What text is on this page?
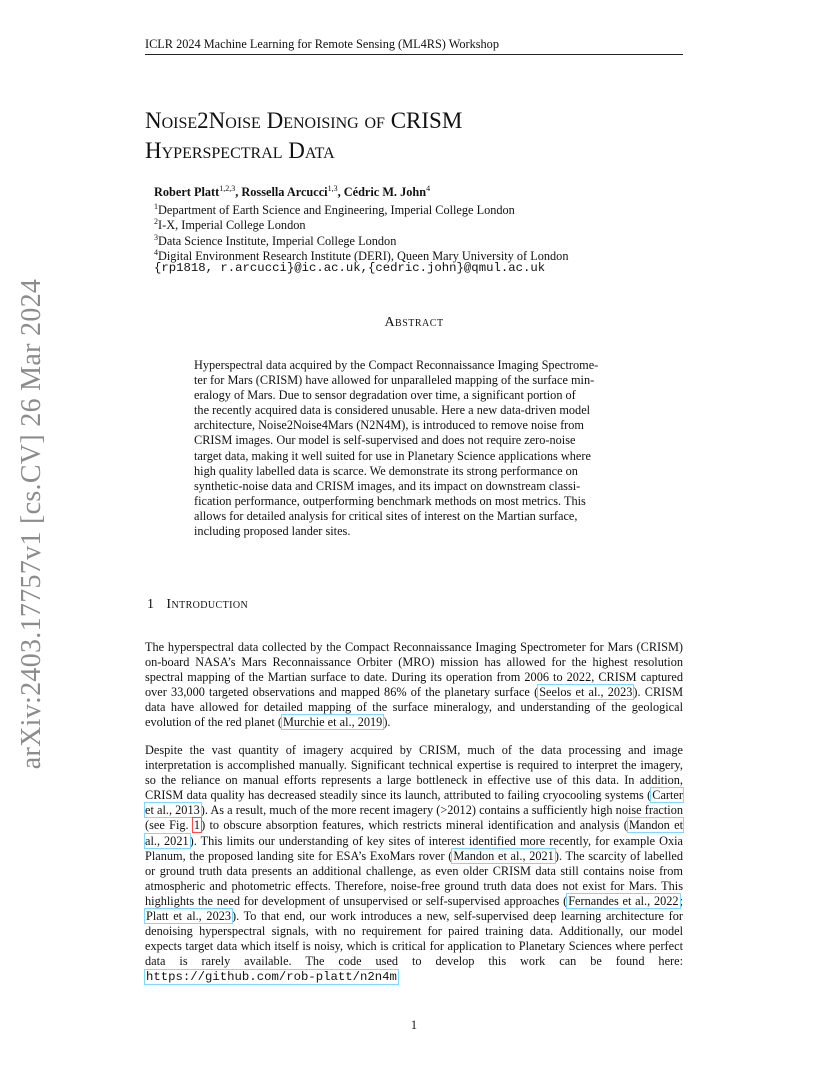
ICLR 2024 Machine Learning for Remote Sensing (ML4RS) Workshop
arXiv:2403.17757v1 [cs.CV] 26 Mar 2024
Noise2Noise Denoising of CRISM
Hyperspectral Data
Robert Platt$^{1,2,3}$, Rossella Arcucci$^{1,3}$, Cédric M. John$^4$
$^1$Department of Earth Science and Engineering, Imperial College London
$^2$I-X, Imperial College London
$^3$Data Science Institute, Imperial College London
$^4$Digital Environment Research Institute (DERI), Queen Mary University of London
{rp1818, r.arcucci}@ic.ac.uk,{cedric.john}@qmul.ac.uk
Abstract
Hyperspectral data acquired by the Compact Reconnaissance Imaging Spectrome-
ter for Mars (CRISM) have allowed for unparalleled mapping of the surface min-
eralogy of Mars. Due to sensor degradation over time, a significant portion of
the recently acquired data is considered unusable. Here a new data-driven model
architecture, Noise2Noise4Mars (N2N4M), is introduced to remove noise from
CRISM images. Our model is self-supervised and does not require zero-noise
target data, making it well suited for use in Planetary Science applications where
high quality labelled data is scarce. We demonstrate its strong performance on
synthetic-noise data and CRISM images, and its impact on downstream classi-
fication performance, outperforming benchmark methods on most metrics. This
allows for detailed analysis for critical sites of interest on the Martian surface,
including proposed lander sites.
1 Introduction
The hyperspectral data collected by the Compact Reconnaissance Imaging Spectrometer for Mars (CRISM) on-board NASA’s Mars Reconnaissance Orbiter (MRO) mission has allowed for the highest resolution spectral mapping of the Martian surface to date. During its operation from 2006 to 2022, CRISM captured over 33,000 targeted observations and mapped 86% of the planetary surface (Seelos et al., 2023). CRISM data have allowed for detailed mapping of the surface mineralogy, and understanding of the geological evolution of the red planet (Murchie et al., 2019).
Despite the vast quantity of imagery acquired by CRISM, much of the data processing and image interpretation is accomplished manually. Significant technical expertise is required to interpret the imagery, so the reliance on manual efforts represents a large bottleneck in effective use of this data. In addition, CRISM data quality has decreased steadily since its launch, attributed to failing cryocooling systems (Carter et al., 2013). As a result, much of the more recent imagery (>2012) contains a sufficiently high noise fraction (see Fig. 1) to obscure absorption features, which restricts mineral identification and analysis (Mandon et al., 2021). This limits our understanding of key sites of interest identified more recently, for example Oxia Planum, the proposed landing site for ESA’s ExoMars rover (Mandon et al., 2021). The scarcity of labelled or ground truth data presents an additional challenge, as even older CRISM data still contains noise from atmospheric and photometric effects. Therefore, noise-free ground truth data does not exist for Mars. This highlights the need for development of unsupervised or self-supervised approaches (Fernandes et al., 2022; Platt et al., 2023). To that end, our work introduces a new, self-supervised deep learning architecture for denoising hyperspectral signals, with no requirement for paired training data. Additionally, our model expects target data which itself is noisy, which is critical for application to Planetary Sciences where perfect data is rarely available. The code used to develop this work can be found here: https://github.com/rob-platt/n2n4m
1
